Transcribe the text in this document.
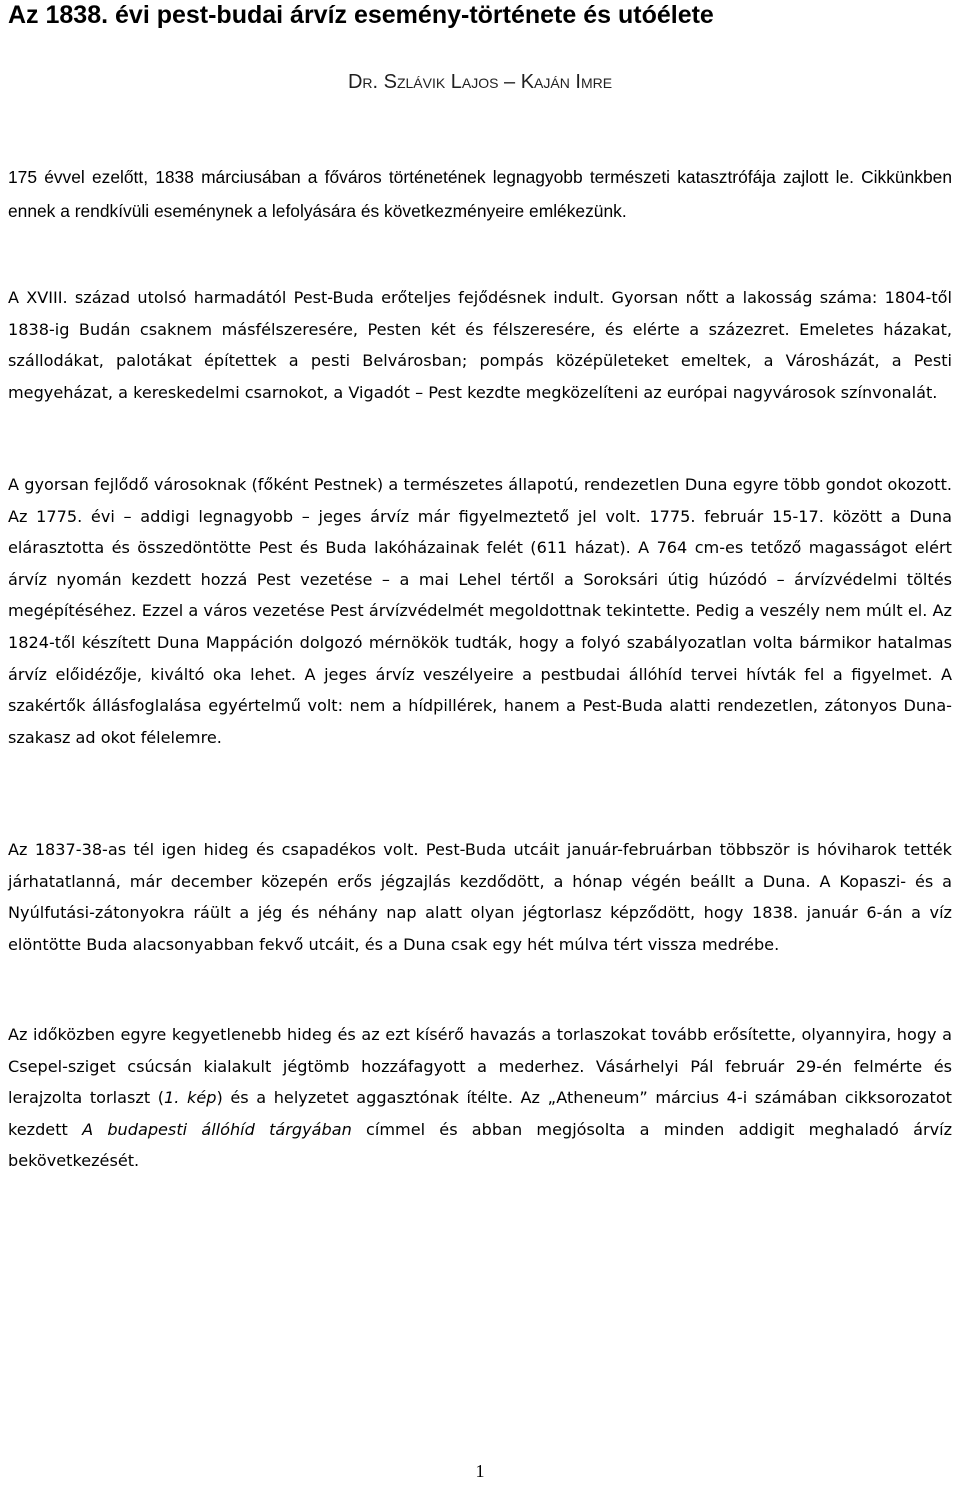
Az 1838. évi pest-budai árvíz esemény-története és utóélete

Dr. Szlávik Lajos – Kaján Imre

175 évvel ezelőtt, 1838 márciusában a főváros történetének legnagyobb természeti katasztrófája zajlott le. Cikkünkben ennek a rendkívüli eseménynek a lefolyására és következményeire emlékezünk.

A XVIII. század utolsó harmadától Pest-Buda erőteljes fejődésnek indult. Gyorsan nőtt a lakosság száma: 1804-től 1838-ig Budán csaknem másfélszeresére, Pesten két és félszeresére, és elérte a százezret. Emeletes házakat, szállodákat, palotákat építettek a pesti Belvárosban; pompás középületeket emeltek, a Városházát, a Pesti megyeházat, a kereskedelmi csarnokot, a Vigadót – Pest kezdte megközelíteni az európai nagyvárosok színvonalát.

A gyorsan fejlődő városoknak (főként Pestnek) a természetes állapotú, rendezetlen Duna egyre több gondot okozott. Az 1775. évi – addigi legnagyobb – jeges árvíz már figyelmeztető jel volt. 1775. február 15-17. között a Duna elárasztotta és összedöntötte Pest és Buda lakóházainak felét (611 házat). A 764 cm-es tetőző magasságot elért árvíz nyomán kezdett hozzá Pest vezetése – a mai Lehel tértől a Soroksári útig húzódó – árvízvédelmi töltés megépítéséhez. Ezzel a város vezetése Pest árvízvédelmét megoldottnak tekintette. Pedig a veszély nem múlt el. Az 1824-től készített Duna Mappáción dolgozó mérnökök tudták, hogy a folyó szabályozatlan volta bármikor hatalmas árvíz előidézője, kiváltó oka lehet. A jeges árvíz veszélyeire a pestbudai állóhíd tervei hívták fel a figyelmet. A szakértők állásfoglalása egyértelmű volt: nem a hídpillérek, hanem a Pest-Buda alatti rendezetlen, zátonyos Duna-szakasz ad okot félelemre.

Az 1837-38-as tél igen hideg és csapadékos volt. Pest-Buda utcáit január-februárban többször is hóviharok tették járhatatlanná, már december közepén erős jégzajlás kezdődött, a hónap végén beállt a Duna. A Kopaszi- és a Nyúlfutási-zátonyokra ráült a jég és néhány nap alatt olyan jégtorlasz képződött, hogy 1838. január 6-án a víz elöntötte Buda alacsonyabban fekvő utcáit, és a Duna csak egy hét múlva tért vissza medrébe.

Az időközben egyre kegyetlenebb hideg és az ezt kísérő havazás a torlaszokat tovább erősítette, olyannyira, hogy a Csepel-sziget csúcsán kialakult jégtömb hozzáfagyott a mederhez. Vásárhelyi Pál február 29-én felmérte és lerajzolta torlaszt (1. kép) és a helyzetet aggasztónak ítélte. Az „Atheneum” március 4-i számában cikksorozatot kezdett A budapesti állóhíd tárgyában címmel és abban megjósolta a minden addigit meghaladó árvíz bekövetkezését.

1
